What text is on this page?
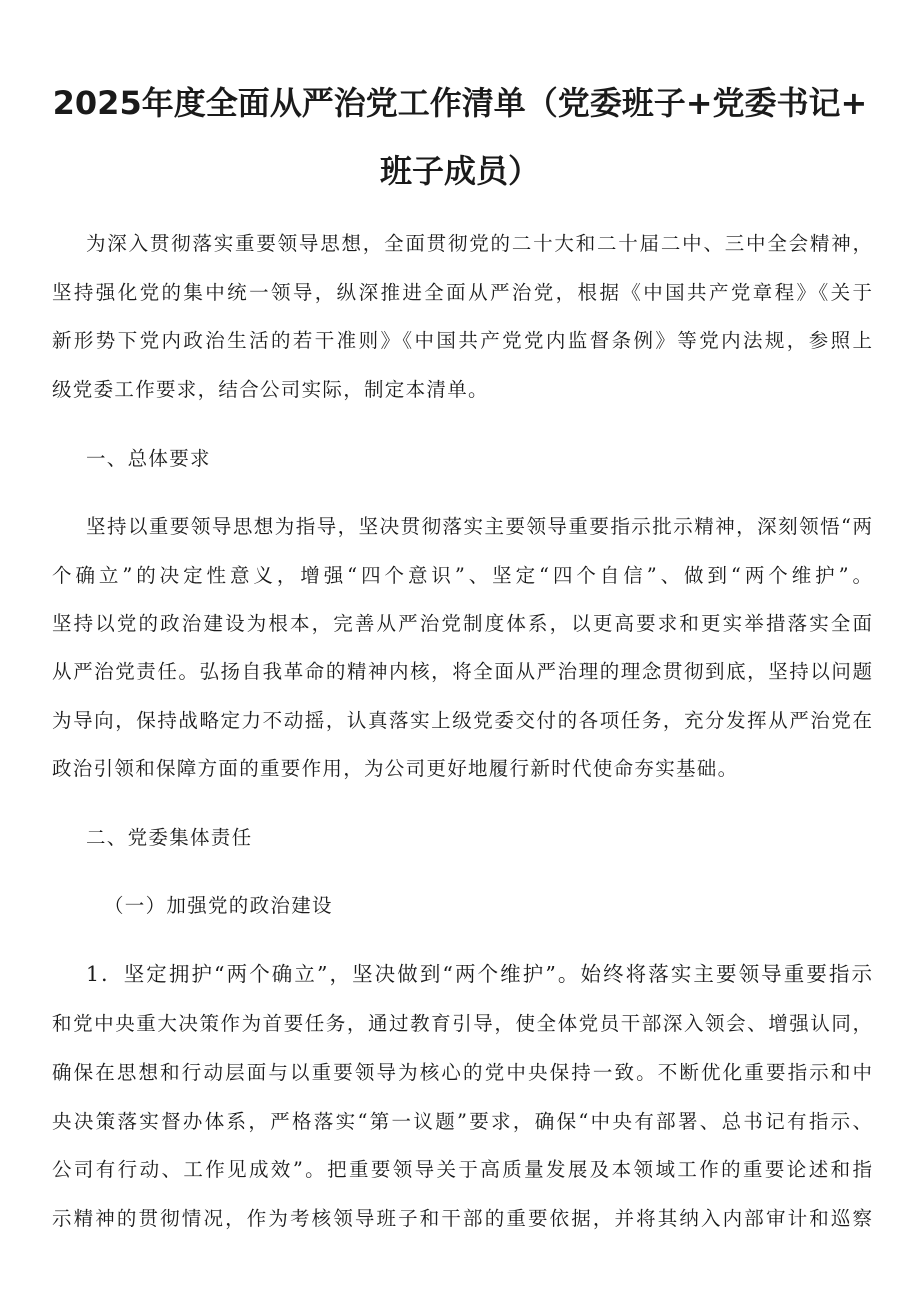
2025年度全面从严治党工作清单（党委班子+党委书记+
班子成员）
为深入贯彻落实重要领导思想，全面贯彻党的二十大和二十届二中、三中全会精神，
坚持强化党的集中统一领导，纵深推进全面从严治党，根据《中国共产党章程》《关于
新形势下党内政治生活的若干准则》《中国共产党党内监督条例》等党内法规，参照上
级党委工作要求，结合公司实际，制定本清单。
一、总体要求
坚持以重要领导思想为指导，坚决贯彻落实主要领导重要指示批示精神，深刻领悟“两
个确立”的决定性意义，增强“四个意识”、坚定“四个自信”、做到“两个维护”。
坚持以党的政治建设为根本，完善从严治党制度体系，以更高要求和更实举措落实全面
从严治党责任。弘扬自我革命的精神内核，将全面从严治理的理念贯彻到底，坚持以问题
为导向，保持战略定力不动摇，认真落实上级党委交付的各项任务，充分发挥从严治党在
政治引领和保障方面的重要作用，为公司更好地履行新时代使命夯实基础。
二、党委集体责任
（一）加强党的政治建设
1．坚定拥护“两个确立”，坚决做到“两个维护”。始终将落实主要领导重要指示
和党中央重大决策作为首要任务，通过教育引导，使全体党员干部深入领会、增强认同，
确保在思想和行动层面与以重要领导为核心的党中央保持一致。不断优化重要指示和中
央决策落实督办体系，严格落实“第一议题”要求，确保“中央有部署、总书记有指示、
公司有行动、工作见成效”。把重要领导关于高质量发展及本领域工作的重要论述和指
示精神的贯彻情况，作为考核领导班子和干部的重要依据，并将其纳入内部审计和巡察
